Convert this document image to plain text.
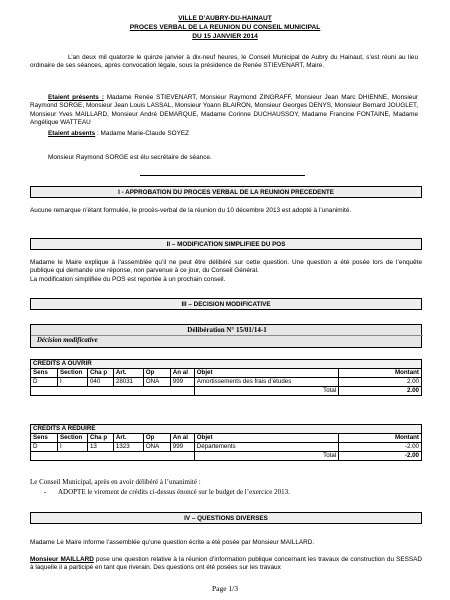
VILLE D’AUBRY-DU-HAINAUT
PROCES VERBAL DE LA REUNION DU CONSEIL MUNICIPAL
DU 15 JANVIER 2014
L’an deux mil quatorze le quinze janvier à dix-neuf heures, le Conseil Municipal de Aubry du Hainaut, s’est réuni au lieu ordinaire de ses séances, après convocation légale, sous la présidence de Renée STIEVENART, Maire.
Etaient présents : Madame Renée STIEVENART, Monsieur Raymond ZINGRAFF, Monsieur Jean Marc DHIENNE, Monsieur Raymond SORGE, Monsieur Jean Louis LASSAL, Monsieur Yoann BLAIRON, Monsieur Georges DENYS, Monsieur Bernard JOUGLET, Monsieur Yves MAILLARD, Monsieur André DEMARQUE, Madame Corinne DUCHAUSSOY, Madame Francine FONTAINE, Madame Angélique WATTEAU
Etaient absents : Madame Marie-Claude SOYEZ
Monsieur Raymond SORGE est élu secrétaire de séance.
I - APPROBATION DU PROCES VERBAL DE LA REUNION PRECEDENTE
Aucune remarque n’étant formulée, le procès-verbal de la réunion du 10 décembre 2013 est adopté à l’unanimité.
II – MODIFICATION SIMPLIFIEE DU POS
Madame le Maire explique à l’assemblée qu’il ne peut être délibéré sur cette question. Une question a été posée lors de l’enquête publique qui demande une réponse, non parvenue à ce jour, du Conseil Général.
La modification simplifiée du POS est reportée à un prochain conseil.
III – DECISION MODIFICATIVE
Délibération N° 15/01/14-1
Décision modificative
CREDITS A OUVRIR							
Sens	Section	Cha p	Art.	Op	An al	Objet	Montant
D	I	040	28031	ONA	999	Amortissements des frais d’études	2.00
						Total	2.00
CREDITS A REDUIRE							
Sens	Section	Cha p	Art.	Op	An al	Objet	Montant
D	I	13	1323	ONA	999	Départements	-2.00
						Total	-2.00
Le Conseil Municipal, après en avoir délibéré à l’unanimité :
-	ADOPTE le virement de crédits ci-dessus énoncé sur le budget de l’exercice 2013.
IV – QUESTIONS DIVERSES
Madame Le Maire informe l’assemblée qu’une question écrite a été posée par Monsieur MAILLARD.
Monsieur MAILLARD pose une question relative à la réunion d’information publique concernant les travaux de construction du SESSAD à laquelle il a participé en tant que riverain. Des questions ont été posées sur les travaux
Page 1/3
